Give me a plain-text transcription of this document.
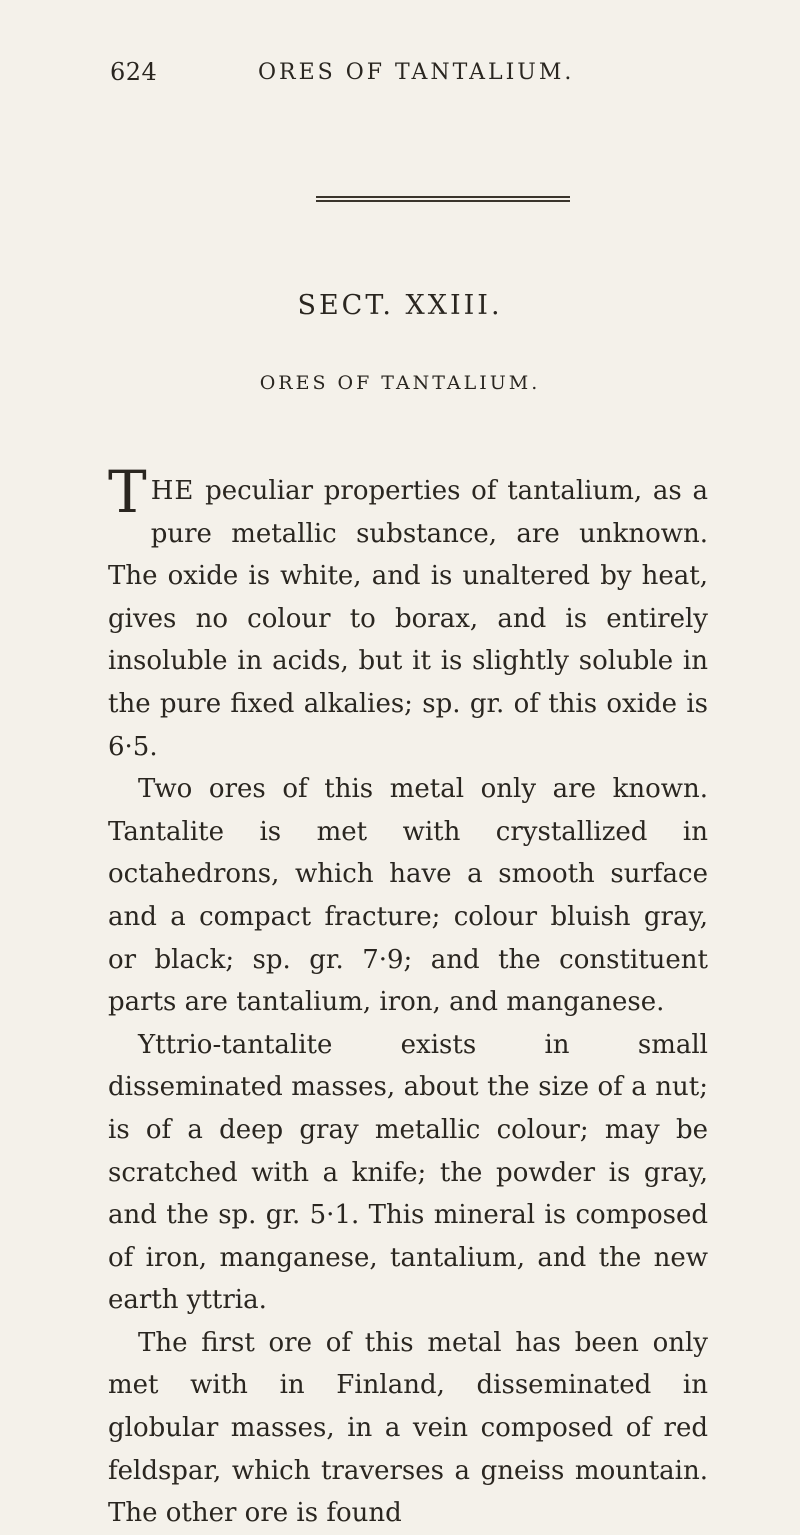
624	ORES OF TANTALIUM.
SECT. XXIII.
ORES OF TANTALIUM.

THE peculiar properties of tantalium, as a pure metallic substance, are unknown. The oxide is white, and is unaltered by heat, gives no colour to borax, and is entirely insoluble in acids, but it is slightly soluble in the pure fixed alkalies; sp. gr. of this oxide is 6·5.

Two ores of this metal only are known. Tantalite is met with crystallized in octahedrons, which have a smooth surface and a compact fracture; colour bluish gray, or black; sp. gr. 7·9; and the constituent parts are tantalium, iron, and manganese.

Yttrio-tantalite exists in small disseminated masses, about the size of a nut; is of a deep gray metallic colour; may be scratched with a knife; the powder is gray, and the sp. gr. 5·1. This mineral is composed of iron, manganese, tantalium, and the new earth yttria.

The first ore of this metal has been only met with in Finland, disseminated in globular masses, in a vein composed of red feldspar, which traverses a gneiss mountain. The other ore is found
